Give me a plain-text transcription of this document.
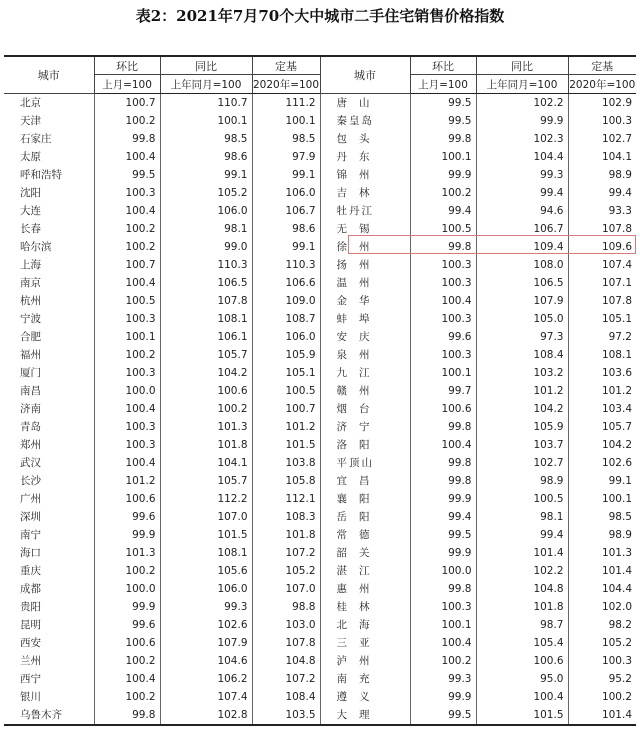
表2：2021年7月70个大中城市二手住宅销售价格指数
城市	环比	同比	定基	城市	环比	同比	定基
	上月=100	上年同月=100	2020年=100		上月=100	上年同月=100	2020年=100
北京	100.7	110.7	111.2	唐山	99.5	102.2	102.9
天津	100.2	100.1	100.1	秦皇岛	99.5	99.9	100.3
石家庄	99.8	98.5	98.5	包头	99.8	102.3	102.7
太原	100.4	98.6	97.9	丹东	100.1	104.4	104.1
呼和浩特	99.5	99.1	99.1	锦州	99.9	99.3	98.9
沈阳	100.3	105.2	106.0	吉林	100.2	99.4	99.4
大连	100.4	106.0	106.7	牡丹江	99.4	94.6	93.3
长春	100.2	98.1	98.6	无锡	100.5	106.7	107.8
哈尔滨	100.2	99.0	99.1	徐州	99.8	109.4	109.6
上海	100.7	110.3	110.3	扬州	100.3	108.0	107.4
南京	100.4	106.5	106.6	温州	100.3	106.5	107.1
杭州	100.5	107.8	109.0	金华	100.4	107.9	107.8
宁波	100.3	108.1	108.7	蚌埠	100.3	105.0	105.1
合肥	100.1	106.1	106.0	安庆	99.6	97.3	97.2
福州	100.2	105.7	105.9	泉州	100.3	108.4	108.1
厦门	100.3	104.2	105.1	九江	100.1	103.2	103.6
南昌	100.0	100.6	100.5	赣州	99.7	101.2	101.2
济南	100.4	100.2	100.7	烟台	100.6	104.2	103.4
青岛	100.3	101.3	101.2	济宁	99.8	105.9	105.7
郑州	100.3	101.8	101.5	洛阳	100.4	103.7	104.2
武汉	100.4	104.1	103.8	平顶山	99.8	102.7	102.6
长沙	101.2	105.7	105.8	宜昌	99.8	98.9	99.1
广州	100.6	112.2	112.1	襄阳	99.9	100.5	100.1
深圳	99.6	107.0	108.3	岳阳	99.4	98.1	98.5
南宁	99.9	101.5	101.8	常德	99.5	99.4	98.9
海口	101.3	108.1	107.2	韶关	99.9	101.4	101.3
重庆	100.2	105.6	105.2	湛江	100.0	102.2	101.4
成都	100.0	106.0	107.0	惠州	99.8	104.8	104.4
贵阳	99.9	99.3	98.8	桂林	100.3	101.8	102.0
昆明	99.6	102.6	103.0	北海	100.1	98.7	98.2
西安	100.6	107.9	107.8	三亚	100.4	105.4	105.2
兰州	100.2	104.6	104.8	泸州	100.2	100.6	100.3
西宁	100.4	106.2	107.2	南充	99.3	95.0	95.2
银川	100.2	107.4	108.4	遵义	99.9	100.4	100.2
乌鲁木齐	99.8	102.8	103.5	大理	99.5	101.5	101.4
